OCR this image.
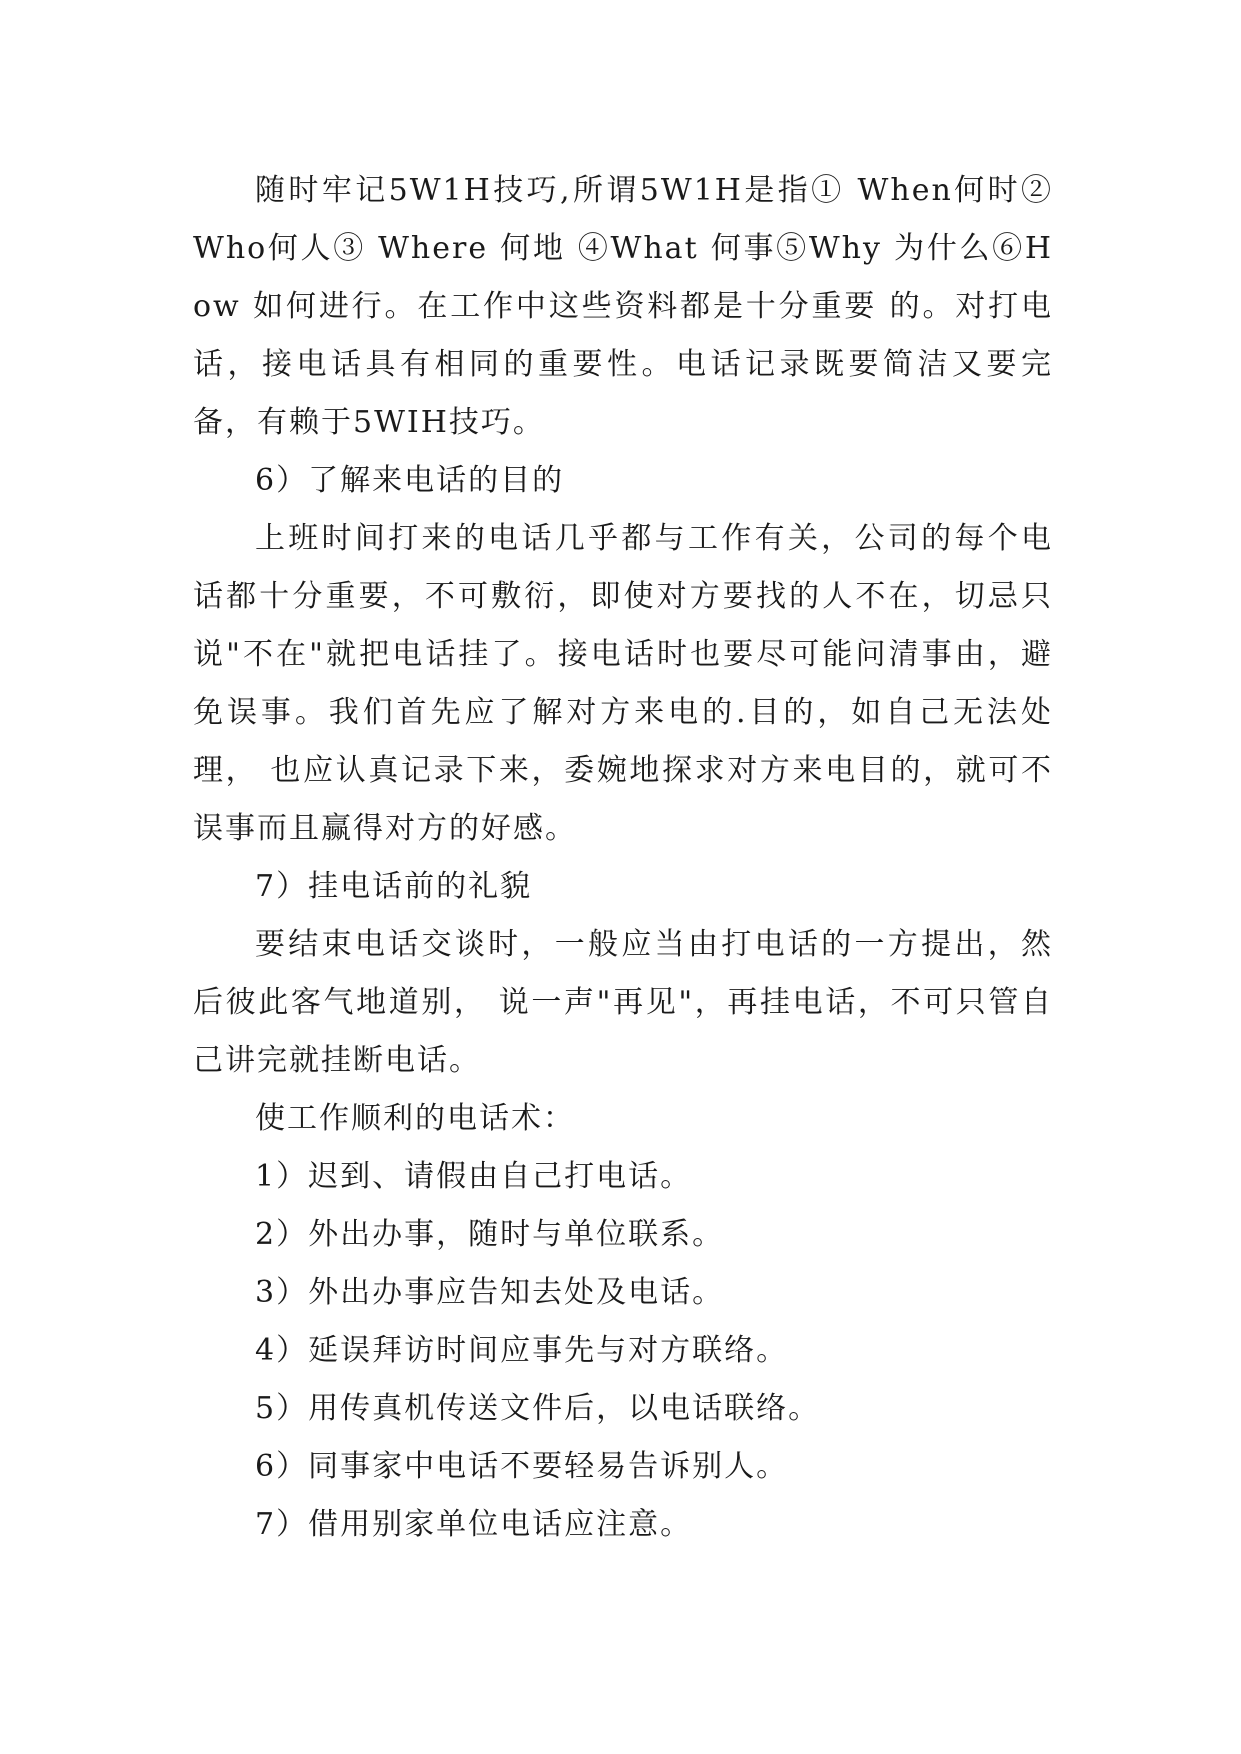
随时牢记5W1H技巧,所谓5W1H是指① When何时② Who何人③ Where 何地 ④What 何事⑤Why 为什么⑥How 如何进行。在工作中这些资料都是十分重要 的。对打电话，接电话具有相同的重要性。电话记录既要简洁又要完备，有赖于5WIH技巧。

6）了解来电话的目的

上班时间打来的电话几乎都与工作有关，公司的每个电话都十分重要，不可敷衍，即使对方要找的人不在，切忌只说"不在"就把电话挂了。接电话时也要尽可能问清事由，避免误事。我们首先应了解对方来电的.目的，如自己无法处理， 也应认真记录下来，委婉地探求对方来电目的，就可不误事而且赢得对方的好感。

7）挂电话前的礼貌

要结束电话交谈时，一般应当由打电话的一方提出，然后彼此客气地道别， 说一声"再见"，再挂电话，不可只管自己讲完就挂断电话。

使工作顺利的电话术：

1）迟到、请假由自己打电话。

2）外出办事，随时与单位联系。

3）外出办事应告知去处及电话。

4）延误拜访时间应事先与对方联络。

5）用传真机传送文件后，以电话联络。

6）同事家中电话不要轻易告诉别人。

7）借用别家单位电话应注意。
